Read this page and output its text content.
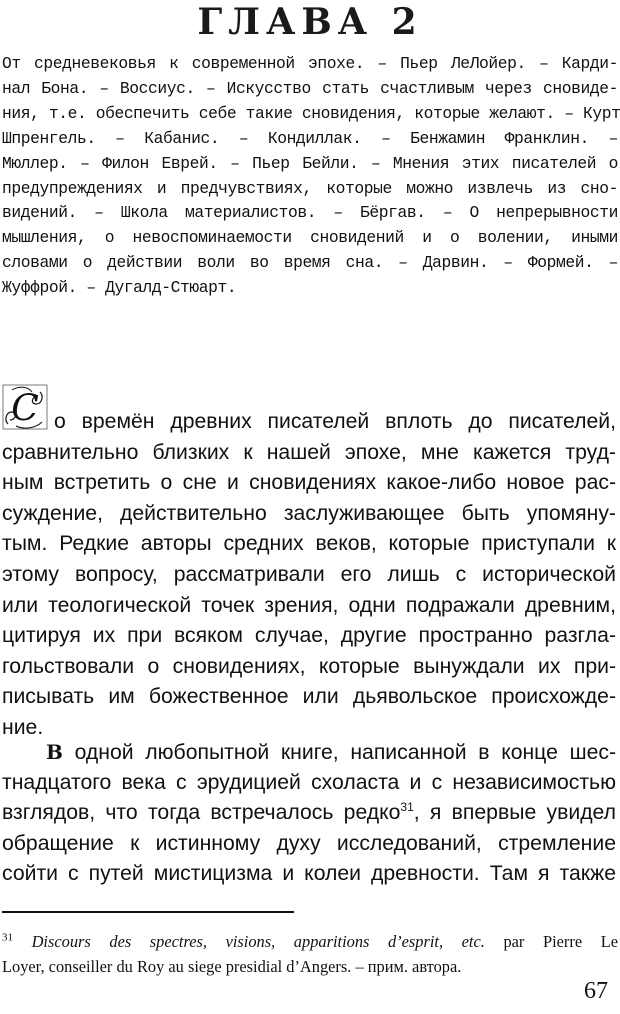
ГЛАВА 2
От средневековья к современной эпохе. – Пьер ЛеЛойер. – Карди-
нал Бона. – Воссиус. – Искусство стать счастливым через сновиде-
ния, т.е. обеспечить себе такие сновидения, которые желают. – Курт
Шпренгель. – Кабанис. – Кондиллак. – Бенжамин Франклин. –
Мюллер. – Филон Еврей. – Пьер Бейли. – Мнения этих писателей о
предупреждениях и предчувствиях, которые можно извлечь из сно-
видений. – Школа материалистов. – Бёргав. – О непрерывности
мышления, о невоспоминаемости сновидений и о волении, иными
словами о действии воли во время сна. – Дарвин. – Формей. –
Жуффрой. – Дугалд-Стюарт.
С о времён древних писателей вплоть до писателей,
сравнительно близких к нашей эпохе, мне кажется труд-
ным встретить о сне и сновидениях какое-либо новое рас-
суждение, действительно заслуживающее быть упомяну-
тым. Редкие авторы средних веков, которые приступали к
этому вопросу, рассматривали его лишь с исторической
или теологической точек зрения, одни подражали древним,
цитируя их при всяком случае, другие пространно разгла-
гольствовали о сновидениях, которые вынуждали их при-
писывать им божественное или дьявольское происхожде-
ние.
В одной любопытной книге, написанной в конце шес-
тнадцатого века с эрудицией схоласта и с независимостью
взглядов, что тогда встречалось редко$^{31}$, я впервые увидел
обращение к истинному духу исследований, стремление
сойти с путей мистицизма и колеи древности. Там я также
$^{31}$ Discours des spectres, visions, apparitions d’esprit, etc. par Pierre Le
Loyer, conseiller du Roy au siege presidial d’Angers. – прим. автора.
67
